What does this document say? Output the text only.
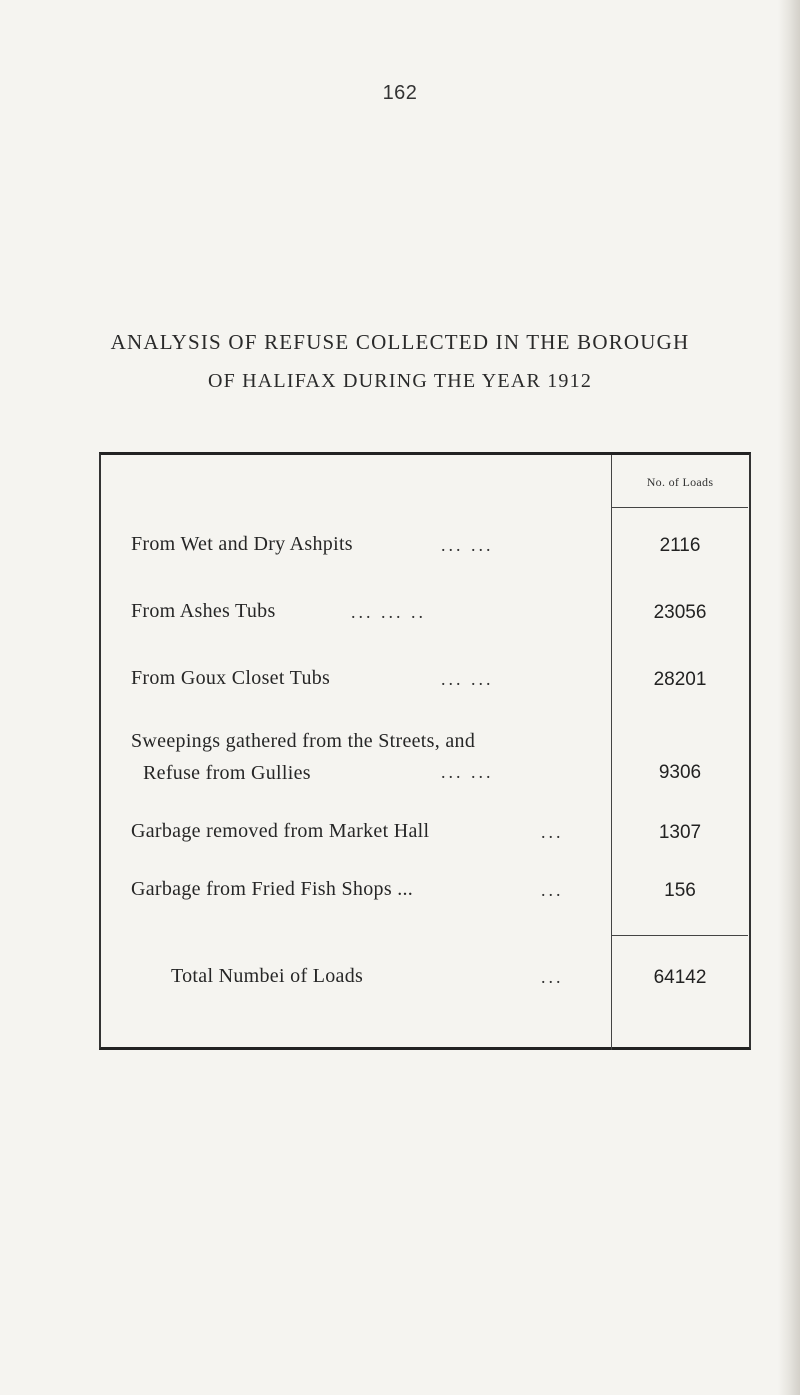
162
ANALYSIS OF REFUSE COLLECTED IN THE BOROUGH
OF HALIFAX DURING THE YEAR 1912
No. of Loads
From Wet and Dry Ashpits	... ...	2116
From Ashes Tubs	... ... ..	23056
From Goux Closet Tubs	... ...	28201
Sweepings gathered from the Streets, and
Refuse from Gullies	... ...	9306
Garbage removed from Market Hall	...	1307
Garbage from Fried Fish Shops ...	...	156
Total Numbei of Loads	...	64142
